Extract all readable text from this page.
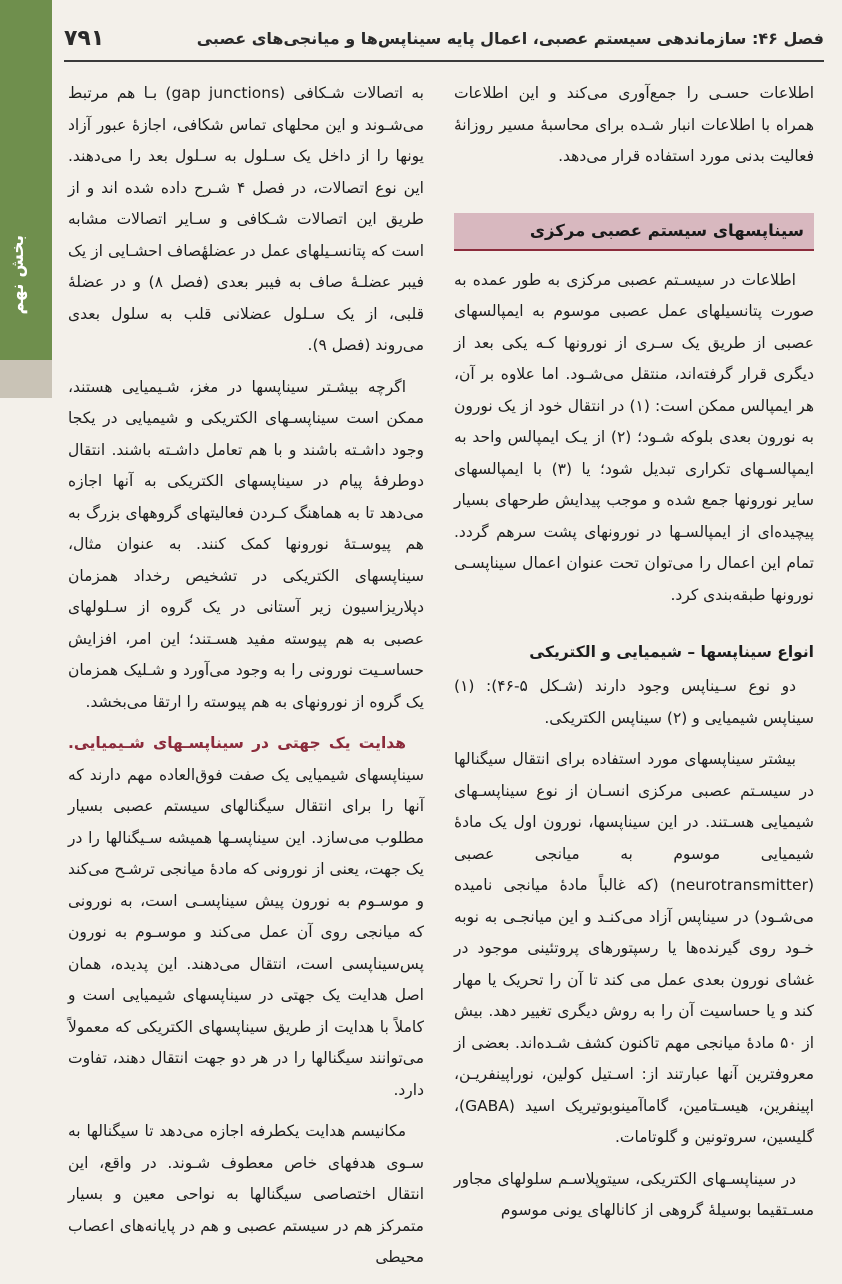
بخش نهم
فصل ۴۶: سازماندهی سیستم عصبی، اعمال پایه سیناپس‌ها و میانجی‌های عصبی
۷۹۱

اطلاعات حسـی را جمع‌آوری می‌کند و این اطلاعات همراه با اطلاعات انبار شـده برای محاسبهٔ مسیر روزانهٔ فعالیت بدنی مورد استفاده قرار می‌دهد.

سیناپسهای سیستم عصبی مرکزی

اطلاعات در سیسـتم عصبی مرکزی به طور عمده به صورت پتانسیلهای عمل عصبی موسوم به ایمپالسهای عصبی از طریق یک سـری از نورونها کـه یکی بعد از دیگری قرار گرفته‌اند، منتقل می‌شـود. اما علاوه بر آن، هر ایمپالس ممکن است: (۱) در انتقال خود از یک نورون به نورون بعدی بلوکه شـود؛ (۲) از یـک ایمپالس واحد به ایمپالسـهای تکراری تبدیل شود؛ یا (۳) با ایمپالسهای سایر نورونها جمع شده و موجب پیدایش طرحهای بسیار پیچیده‌ای از ایمپالسـها در نورونهای پشت سرهم گردد. تمام این اعمال را می‌توان تحت عنوان اعمال سیناپسـی نورونها طبقه‌بندی کرد.

انواع سیناپسها – شیمیایی و الکتریکی

دو نوع سـیناپس وجود دارند (شـکل ۵-۴۶): (۱) سیناپس شیمیایی و (۲) سیناپس الکتریکی.

بیشتر سیناپسهای مورد استفاده برای انتقال سیگنالها در سیسـتم عصبی مرکزی انسـان از نوع سیناپسـهای شیمیایی هسـتند. در این سیناپسها، نورون اول یک مادهٔ شیمیایی موسوم به میانجی عصبی (neurotransmitter) (که غالباً مادهٔ میانجی نامیده می‌شـود) در سیناپس آزاد می‌کنـد و این میانجـی به نوبه خـود روی گیرنده‌ها یا رسپتورهای پروتئینی موجود در غشای نورون بعدی عمل می کند تا آن را تحریک یا مهار کند و یا حساسیت آن را به روش دیگری تغییر دهد. بیش از ۵۰ مادهٔ میانجی مهم تاکنون کشف شـده‌اند. بعضی از معروفترین آنها عبارتند از: اسـتیل کولین، نوراپینفریـن، اپینفرین، هیسـتامین، گاماآمینوبوتیریک اسید (GABA)، گلیسین، سروتونین و گلوتامات.

در سیناپسـهای الکتریکی، سیتوپلاسـم سلولهای مجاور مسـتقیما بوسیلهٔ گروهی از کانالهای یونی موسوم

به اتصالات شـکافی (gap junctions) بـا هم مرتبط می‌شـوند و این محلهای تماس شکافی، اجازهٔ عبور آزاد یونها را از داخل یک سـلول به سـلول بعد را می‌دهند. این نوع اتصالات، در فصل ۴ شـرح داده شده اند و از طریق این اتصالات شـکافی و سـایر اتصالات مشابه است که پتانسـیلهای عمل در عضلهٔصاف احشـایی از یک فیبر عضلـهٔ صاف به فیبر بعدی (فصل ۸) و در عضلهٔ قلبی، از یک سـلول عضلانی قلب به سلول بعدی می‌روند (فصل ۹).

اگرچه بیشـتر سیناپسها در مغز، شـیمیایی هستند، ممکن است سیناپسـهای الکتریکی و شیمیایی در یکجا وجود داشـته باشند و با هم تعامل داشـته باشند. انتقال دوطرفهٔ پیام در سیناپسهای الکتریکی به آنها اجازه می‌دهد تا به هماهنگ کـردن فعالیتهای گروههای بزرگ به هم پیوسـتهٔ نورونها کمک کنند. به عنوان مثال، سیناپسهای الکتریکی در تشخیص رخداد همزمان دپلاریزاسیون زیر آستانی در یک گروه از سـلولهای عصبی به هم پیوسته مفید هسـتند؛ این امر، افزایش حساسـیت نورونی را به وجود می‌آورد و شـلیک همزمان یک گروه از نورونهای به هم پیوسته را ارتقا می‌بخشد.

هدایت یک جهتی در سیناپسـهای شـیمیایی. سیناپسهای شیمیایی یک صفت فوق‌العاده مهم دارند که آنها را برای انتقال سیگنالهای سیستم عصبی بسیار مطلوب می‌سازد. این سیناپسـها همیشه سـیگنالها را در یک جهت، یعنی از نورونی که مادهٔ میانجی ترشـح می‌کند و موسـوم به نورون پیش سیناپسـی است، به نورونی که میانجی روی آن عمل می‌کند و موسـوم به نورون پس‌سیناپسی است، انتقال می‌دهند. این پدیده، همان اصل هدایت یک جهتی در سیناپسهای شیمیایی است و کاملاً با هدایت از طریق سیناپسهای الکتریکی که معمولاً می‌توانند سیگنالها را در هر دو جهت انتقال دهند، تفاوت دارد.

مکانیسم هدایت یکطرفه اجازه می‌دهد تا سیگنالها به سـوی هدفهای خاص معطوف شـوند. در واقع، این انتقال اختصاصی سیگنالها به نواحی معین و بسیار متمرکز هم در سیستم عصبی و هم در پایانه‌های اعصاب محیطی
